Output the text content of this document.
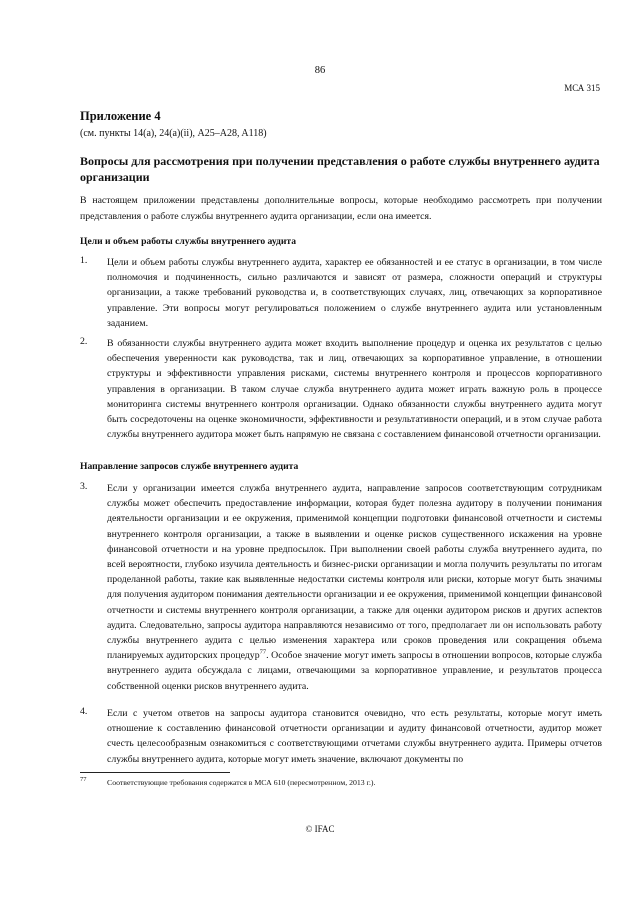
86
МСА 315
Приложение 4
(см. пункты 14(a), 24(a)(ii), A25–A28, A118)
Вопросы для рассмотрения при получении представления о работе службы внутреннего аудита организации
В настоящем приложении представлены дополнительные вопросы, которые необходимо рассмотреть при получении представления о работе службы внутреннего аудита организации, если она имеется.
Цели и объем работы службы внутреннего аудита
1.	Цели и объем работы службы внутреннего аудита, характер ее обязанностей и ее статус в организации, в том числе полномочия и подчиненность, сильно различаются и зависят от размера, сложности операций и структуры организации, а также требований руководства и, в соответствующих случаях, лиц, отвечающих за корпоративное управление. Эти вопросы могут регулироваться положением о службе внутреннего аудита или установленным заданием.
2.	В обязанности службы внутреннего аудита может входить выполнение процедур и оценка их результатов с целью обеспечения уверенности как руководства, так и лиц, отвечающих за корпоративное управление, в отношении структуры и эффективности управления рисками, системы внутреннего контроля и процессов корпоративного управления в организации. В таком случае служба внутреннего аудита может играть важную роль в процессе мониторинга системы внутреннего контроля организации. Однако обязанности службы внутреннего аудита могут быть сосредоточены на оценке экономичности, эффективности и результативности операций, и в этом случае работа службы внутреннего аудитора может быть напрямую не связана с составлением финансовой отчетности организации.
Направление запросов службе внутреннего аудита
3.	Если у организации имеется служба внутреннего аудита, направление запросов соответствующим сотрудникам службы может обеспечить предоставление информации, которая будет полезна аудитору в получении понимания деятельности организации и ее окружения, применимой концепции подготовки финансовой отчетности и системы внутреннего контроля организации, а также в выявлении и оценке рисков существенного искажения на уровне финансовой отчетности и на уровне предпосылок. При выполнении своей работы служба внутреннего аудита, по всей вероятности, глубоко изучила деятельность и бизнес-риски организации и могла получить результаты по итогам проделанной работы, такие как выявленные недостатки системы контроля или риски, которые могут быть значимы для получения аудитором понимания деятельности организации и ее окружения, применимой концепции финансовой отчетности и системы внутреннего контроля организации, а также для оценки аудитором рисков и других аспектов аудита. Следовательно, запросы аудитора направляются независимо от того, предполагает ли он использовать работу службы внутреннего аудита с целью изменения характера или сроков проведения или сокращения объема планируемых аудиторских процедур$^{77}$. Особое значение могут иметь запросы в отношении вопросов, которые служба внутреннего аудита обсуждала с лицами, отвечающими за корпоративное управление, и результатов процесса собственной оценки рисков внутреннего аудита.
4.	Если с учетом ответов на запросы аудитора становится очевидно, что есть результаты, которые могут иметь отношение к составлению финансовой отчетности организации и аудиту финансовой отчетности, аудитор может счесть целесообразным ознакомиться с соответствующими отчетами службы внутреннего аудита. Примеры отчетов службы внутреннего аудита, которые могут иметь значение, включают документы по
77	Соответствующие требования содержатся в МСА 610 (пересмотренном, 2013 г.).
© IFAC
